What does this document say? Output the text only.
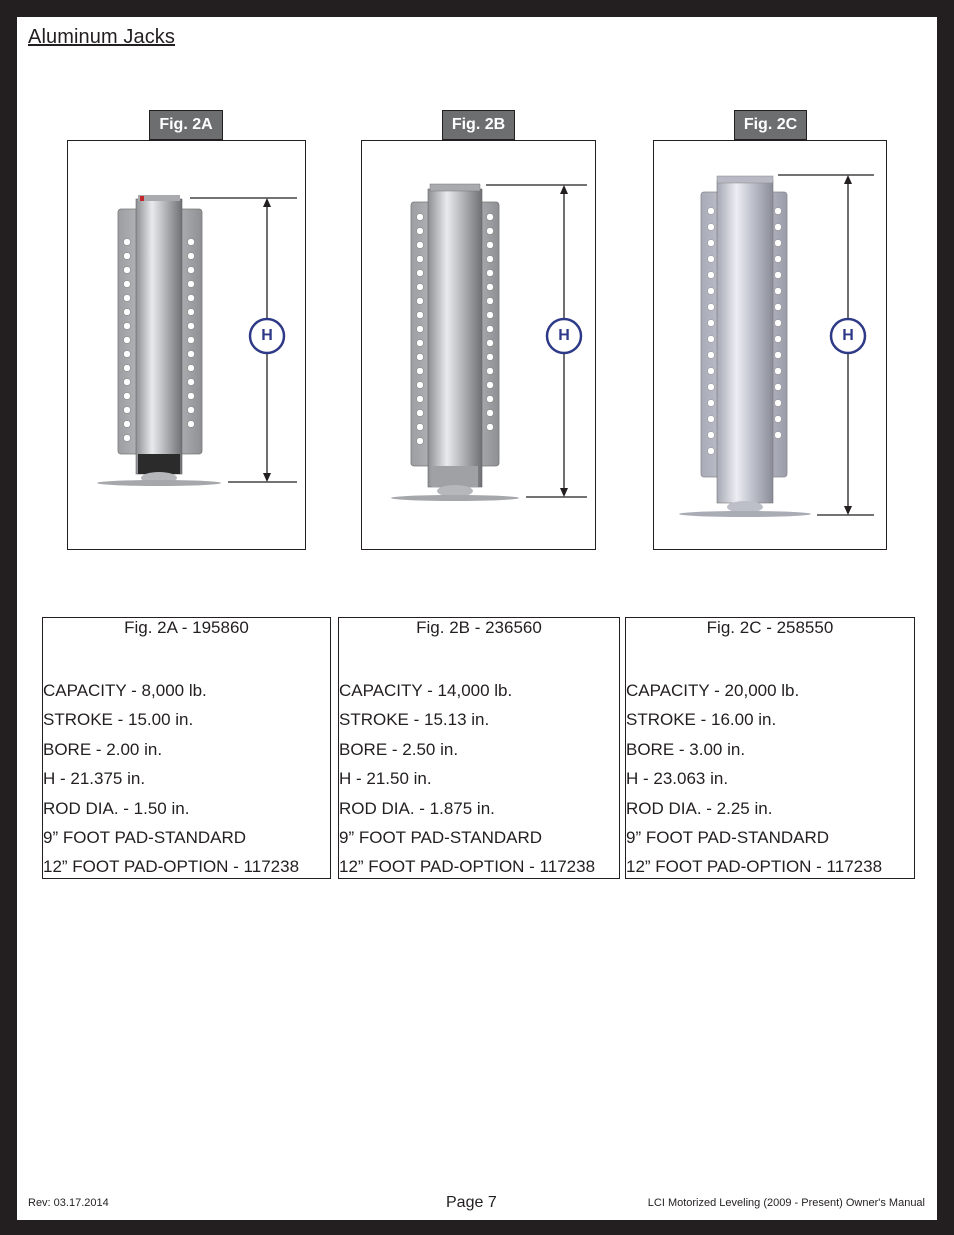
Aluminum Jacks
Fig. 2A	Fig. 2B	Fig. 2C
H	H	H
Fig. 2A - 195860
CAPACITY - 8,000 lb.
STROKE - 15.00 in.
BORE - 2.00 in.
H - 21.375 in.
ROD DIA. - 1.50 in.
9” FOOT PAD-STANDARD
12” FOOT PAD-OPTION - 117238
Fig. 2B - 236560
CAPACITY - 14,000 lb.
STROKE - 15.13 in.
BORE - 2.50 in.
H - 21.50 in.
ROD DIA. - 1.875 in.
9” FOOT PAD-STANDARD
12” FOOT PAD-OPTION - 117238
Fig. 2C - 258550
CAPACITY - 20,000 lb.
STROKE - 16.00 in.
BORE - 3.00 in.
H - 23.063 in.
ROD DIA. - 2.25 in.
9” FOOT PAD-STANDARD
12” FOOT PAD-OPTION - 117238
Rev: 03.17.2014	Page 7	LCI Motorized Leveling (2009 - Present) Owner's Manual
